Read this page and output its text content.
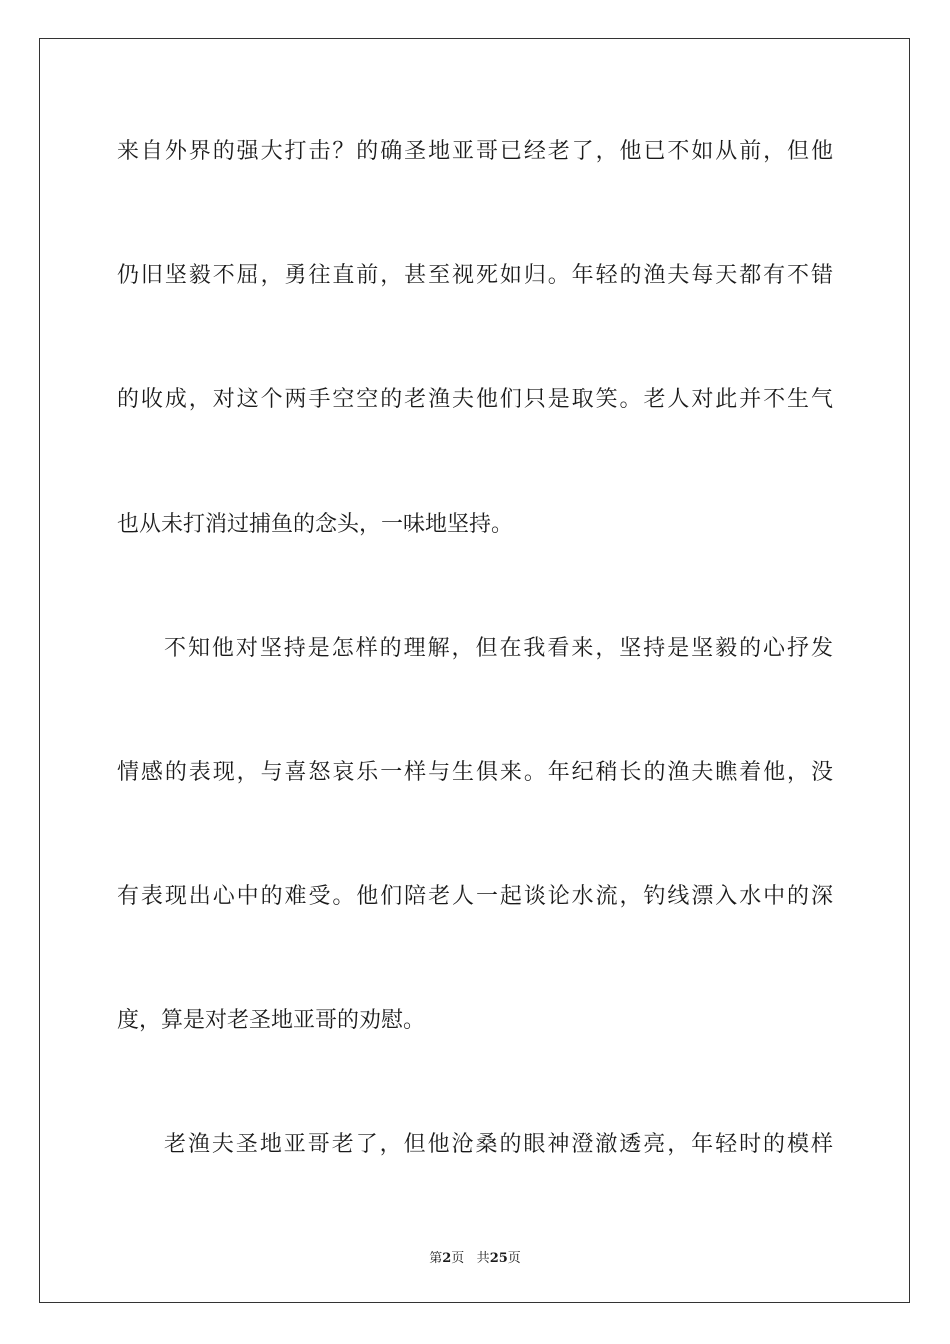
来自外界的强大打击？的确圣地亚哥已经老了，他已不如从前，但他
仍旧坚毅不屈，勇往直前，甚至视死如归。年轻的渔夫每天都有不错
的收成，对这个两手空空的老渔夫他们只是取笑。老人对此并不生气
也从未打消过捕鱼的念头，一味地坚持。
不知他对坚持是怎样的理解，但在我看来，坚持是坚毅的心抒发
情感的表现，与喜怒哀乐一样与生俱来。年纪稍长的渔夫瞧着他，没
有表现出心中的难受。他们陪老人一起谈论水流，钓线漂入水中的深
度，算是对老圣地亚哥的劝慰。
老渔夫圣地亚哥老了，但他沧桑的眼神澄澈透亮，年轻时的模样
第2页 共25页
